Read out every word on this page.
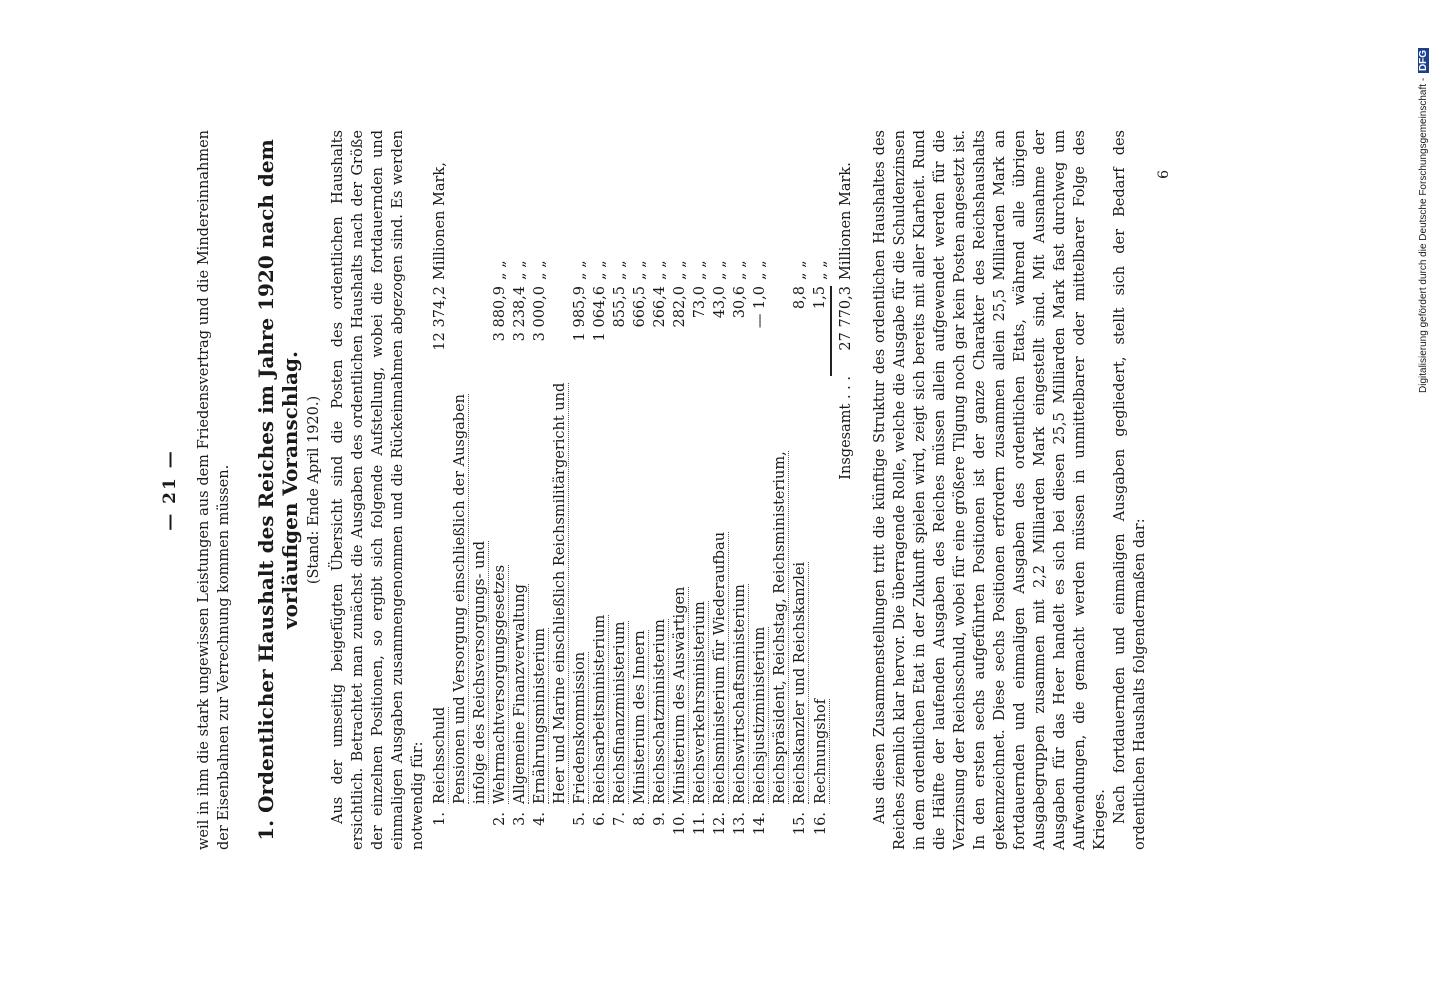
— 21 — weil in ihm die stark ungewissen Leistungen aus dem Friedensvertrag und die Mindereinnahmen der Eisenbahnen zur Verrechnung kommen müssen. 1. Ordentlicher Haushalt des Reiches im Jahre 1920 nach dem vorläufigen Voranschlag. (Stand: Ende April 1920.) Aus der umseitig beigefügten Übersicht sind die Posten des ordentlichen Haushalts ersichtlich. Betrachtet man zunächst die Ausgaben des ordentlichen Haushalts nach der Größe der einzelnen Positionen, so ergibt sich folgende Aufstellung, wobei die fortdauernden und einmaligen Ausgaben zusammengenommen und die Rückeinnahmen abgezogen sind. Es werden notwendig für: 1.	Reichsschuld	12 374,2	Millionen Mark,
2.	Pensionen und Versorgung einschließlich der Ausgaben infolge des Reichsversorgungs- und Wehrmachtversorgungsgesetzes	3 880,9	„ „
3.	Allgemeine Finanzverwaltung	3 238,4	„ „
4.	Ernährungsministerium	3 000,0	„ „
5.	Heer und Marine einschließlich Reichsmilitärgericht und Friedenskommission	1 985,9	„ „
6.	Reichsarbeitsministerium	1 064,6	„ „
7.	Reichsfinanzministerium	855,5	„ „
8.	Ministerium des Innern	666,5	„ „
9.	Reichsschatzministerium	266,4	„ „
10.	Ministerium des Auswärtigen	282,0	„ „
11.	Reichsverkehrsministerium	73,0	„ „
12.	Reichsministerium für Wiederaufbau	43,0	„ „
13.	Reichswirtschaftsministerium	30,6	„ „
14.	Reichsjustizministerium	— 1,0	„ „
15.	Reichspräsident, Reichstag, Reichsministerium, Reichskanzler und Reichskanzlei	8,8	„ „
16.	Rechnungshof	1,5	„ „
	Insgesamt . . .	27 770,3	Millionen Mark. Aus diesen Zusammenstellungen tritt die künftige Struktur des ordentlichen Haushaltes des Reiches ziemlich klar hervor. Die überragende Rolle, welche die Ausgabe für die Schuldenzinsen in dem ordentlichen Etat in der Zukunft spielen wird, zeigt sich bereits mit aller Klarheit. Rund die Hälfte der laufenden Ausgaben des Reiches müssen allein aufgewendet werden für die Verzinsung der Reichsschuld, wobei für eine größere Tilgung noch gar kein Posten angesetzt ist. In den ersten sechs aufgeführten Positionen ist der ganze Charakter des Reichshaushalts gekennzeichnet. Diese sechs Positionen erfordern zusammen allein 25,5 Milliarden Mark an fortdauernden und einmaligen Ausgaben des ordentlichen Etats, während alle übrigen Ausgabegruppen zusammen mit 2,2 Milliarden Mark eingestellt sind. Mit Ausnahme der Ausgaben für das Heer handelt es sich bei diesen 25,5 Milliarden Mark fast durchweg um Aufwendungen, die gemacht werden müssen in unmittelbarer oder mittelbarer Folge des Krieges. Nach fortdauernden und einmaligen Ausgaben gegliedert, stellt sich der Bedarf des ordentlichen Haushalts folgendermaßen dar:

6	Digitalisierung gefördert durch die Deutsche Forschungsgemeinschaft - DFG
